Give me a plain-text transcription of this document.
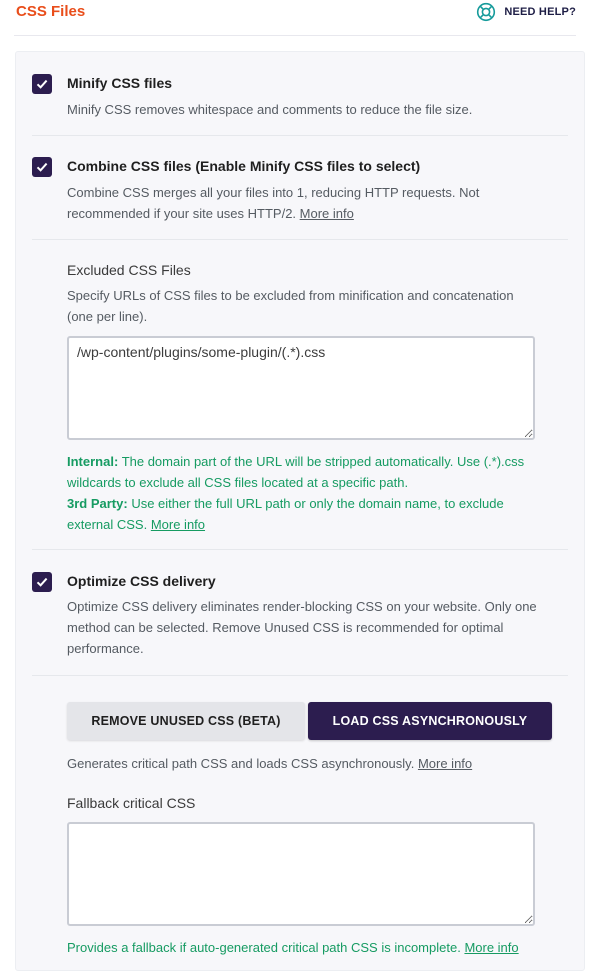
CSS Files	NEED HELP?
Minify CSS files
Minify CSS removes whitespace and comments to reduce the file size.
Combine CSS files (Enable Minify CSS files to select)
Combine CSS merges all your files into 1, reducing HTTP requests. Not recommended if your site uses HTTP/2. More info
Excluded CSS Files
Specify URLs of CSS files to be excluded from minification and concatenation (one per line).
/wp-content/plugins/some-plugin/(.*).css
Internal: The domain part of the URL will be stripped automatically. Use (.*).css wildcards to exclude all CSS files located at a specific path.
3rd Party: Use either the full URL path or only the domain name, to exclude external CSS. More info
Optimize CSS delivery
Optimize CSS delivery eliminates render-blocking CSS on your website. Only one method can be selected. Remove Unused CSS is recommended for optimal performance.
REMOVE UNUSED CSS (BETA)	LOAD CSS ASYNCHRONOUSLY
Generates critical path CSS and loads CSS asynchronously. More info
Fallback critical CSS
Provides a fallback if auto-generated critical path CSS is incomplete. More info
